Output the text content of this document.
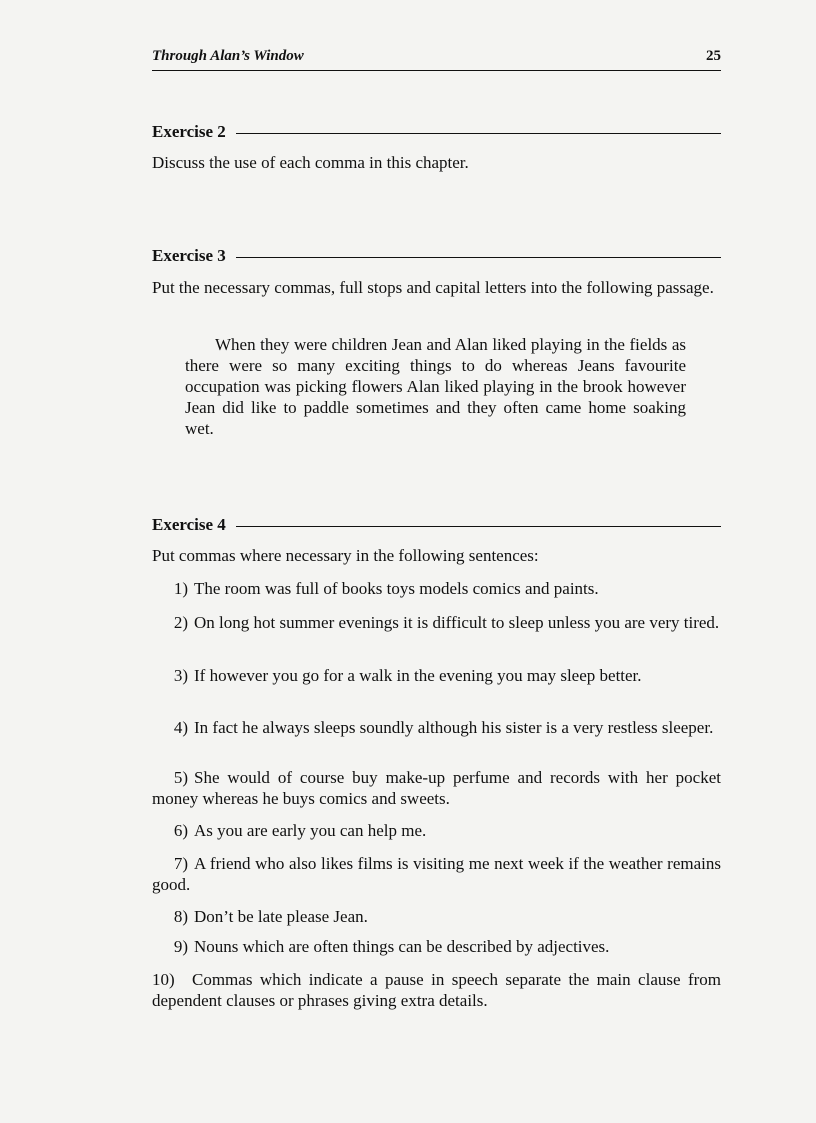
Through Alan’s Window	25
Exercise 2
Discuss the use of each comma in this chapter.
Exercise 3
Put the necessary commas, full stops and capital letters into the following passage.
When they were children Jean and Alan liked playing in the fields as there were so many exciting things to do whereas Jeans favourite occupation was picking flowers Alan liked playing in the brook however Jean did like to paddle sometimes and they often came home soaking wet.
Exercise 4
Put commas where necessary in the following sentences:
1) The room was full of books toys models comics and paints.
2) On long hot summer evenings it is difficult to sleep unless you are very tired.
3) If however you go for a walk in the evening you may sleep better.
4) In fact he always sleeps soundly although his sister is a very restless sleeper.
5) She would of course buy make-up perfume and records with her pocket money whereas he buys comics and sweets.
6) As you are early you can help me.
7) A friend who also likes films is visiting me next week if the weather remains good.
8) Don’t be late please Jean.
9) Nouns which are often things can be described by adjectives.
10) Commas which indicate a pause in speech separate the main clause from dependent clauses or phrases giving extra details.
